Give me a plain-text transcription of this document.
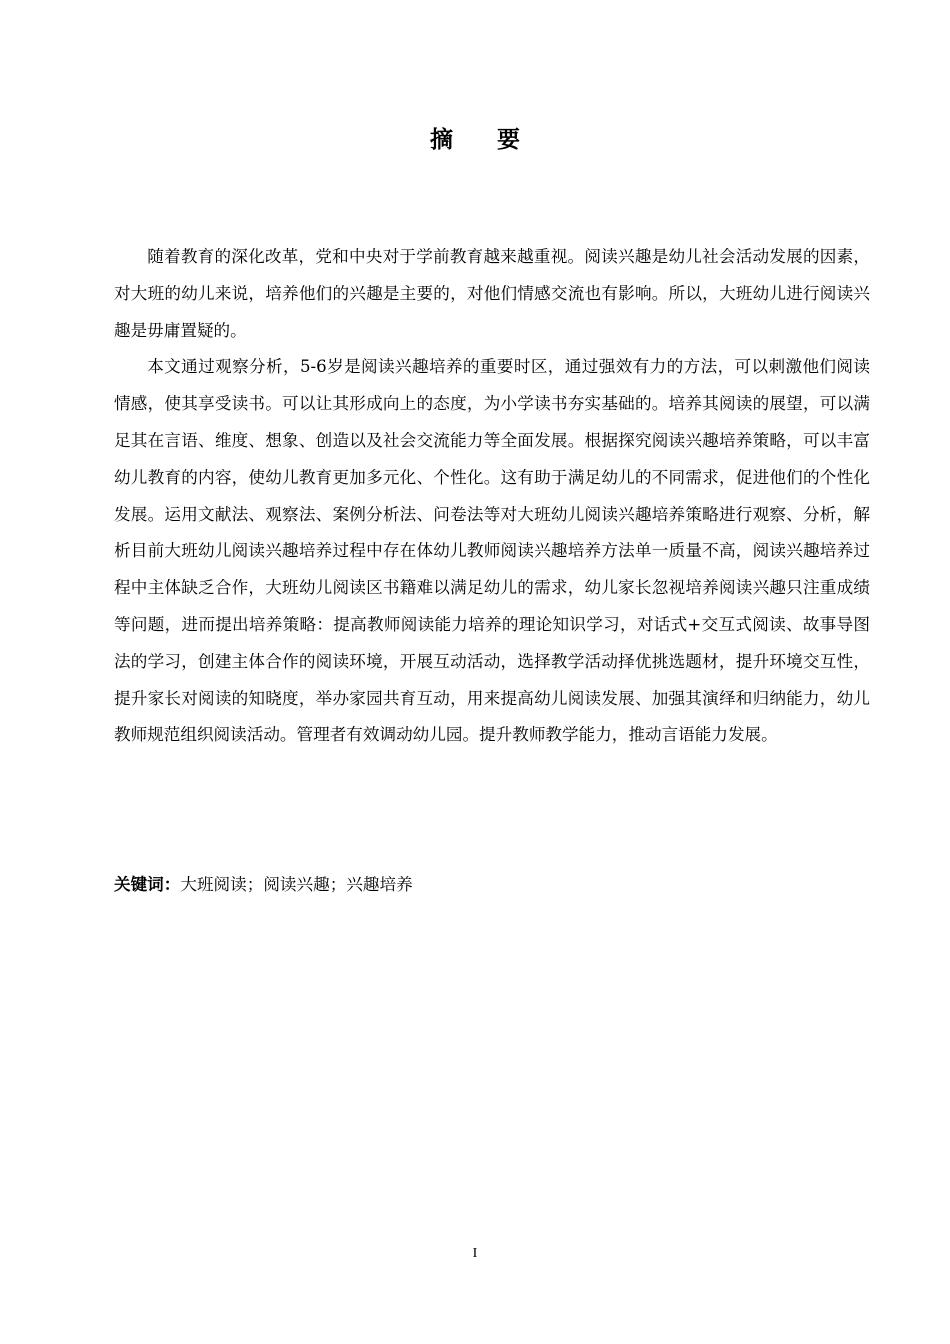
摘 要

随着教育的深化改革，党和中央对于学前教育越来越重视。阅读兴趣是幼儿社会活动发展的因素，对大班的幼儿来说，培养他们的兴趣是主要的，对他们情感交流也有影响。所以，大班幼儿进行阅读兴趣是毋庸置疑的。

本文通过观察分析，5-6岁是阅读兴趣培养的重要时区，通过强效有力的方法，可以刺激他们阅读情感，使其享受读书。可以让其形成向上的态度，为小学读书夯实基础的。培养其阅读的展望，可以满足其在言语、维度、想象、创造以及社会交流能力等全面发展。根据探究阅读兴趣培养策略，可以丰富幼儿教育的内容，使幼儿教育更加多元化、个性化。这有助于满足幼儿的不同需求，促进他们的个性化发展。运用文献法、观察法、案例分析法、问卷法等对大班幼儿阅读兴趣培养策略进行观察、分析，解析目前大班幼儿阅读兴趣培养过程中存在体幼儿教师阅读兴趣培养方法单一质量不高，阅读兴趣培养过程中主体缺乏合作，大班幼儿阅读区书籍难以满足幼儿的需求，幼儿家长忽视培养阅读兴趣只注重成绩等问题，进而提出培养策略：提高教师阅读能力培养的理论知识学习，对话式+交互式阅读、故事导图法的学习，创建主体合作的阅读环境，开展互动活动，选择教学活动择优挑选题材，提升环境交互性，提升家长对阅读的知晓度，举办家园共育互动，用来提高幼儿阅读发展、加强其演绎和归纳能力，幼儿教师规范组织阅读活动。管理者有效调动幼儿园。提升教师教学能力，推动言语能力发展。

关键词：大班阅读；阅读兴趣；兴趣培养
I
